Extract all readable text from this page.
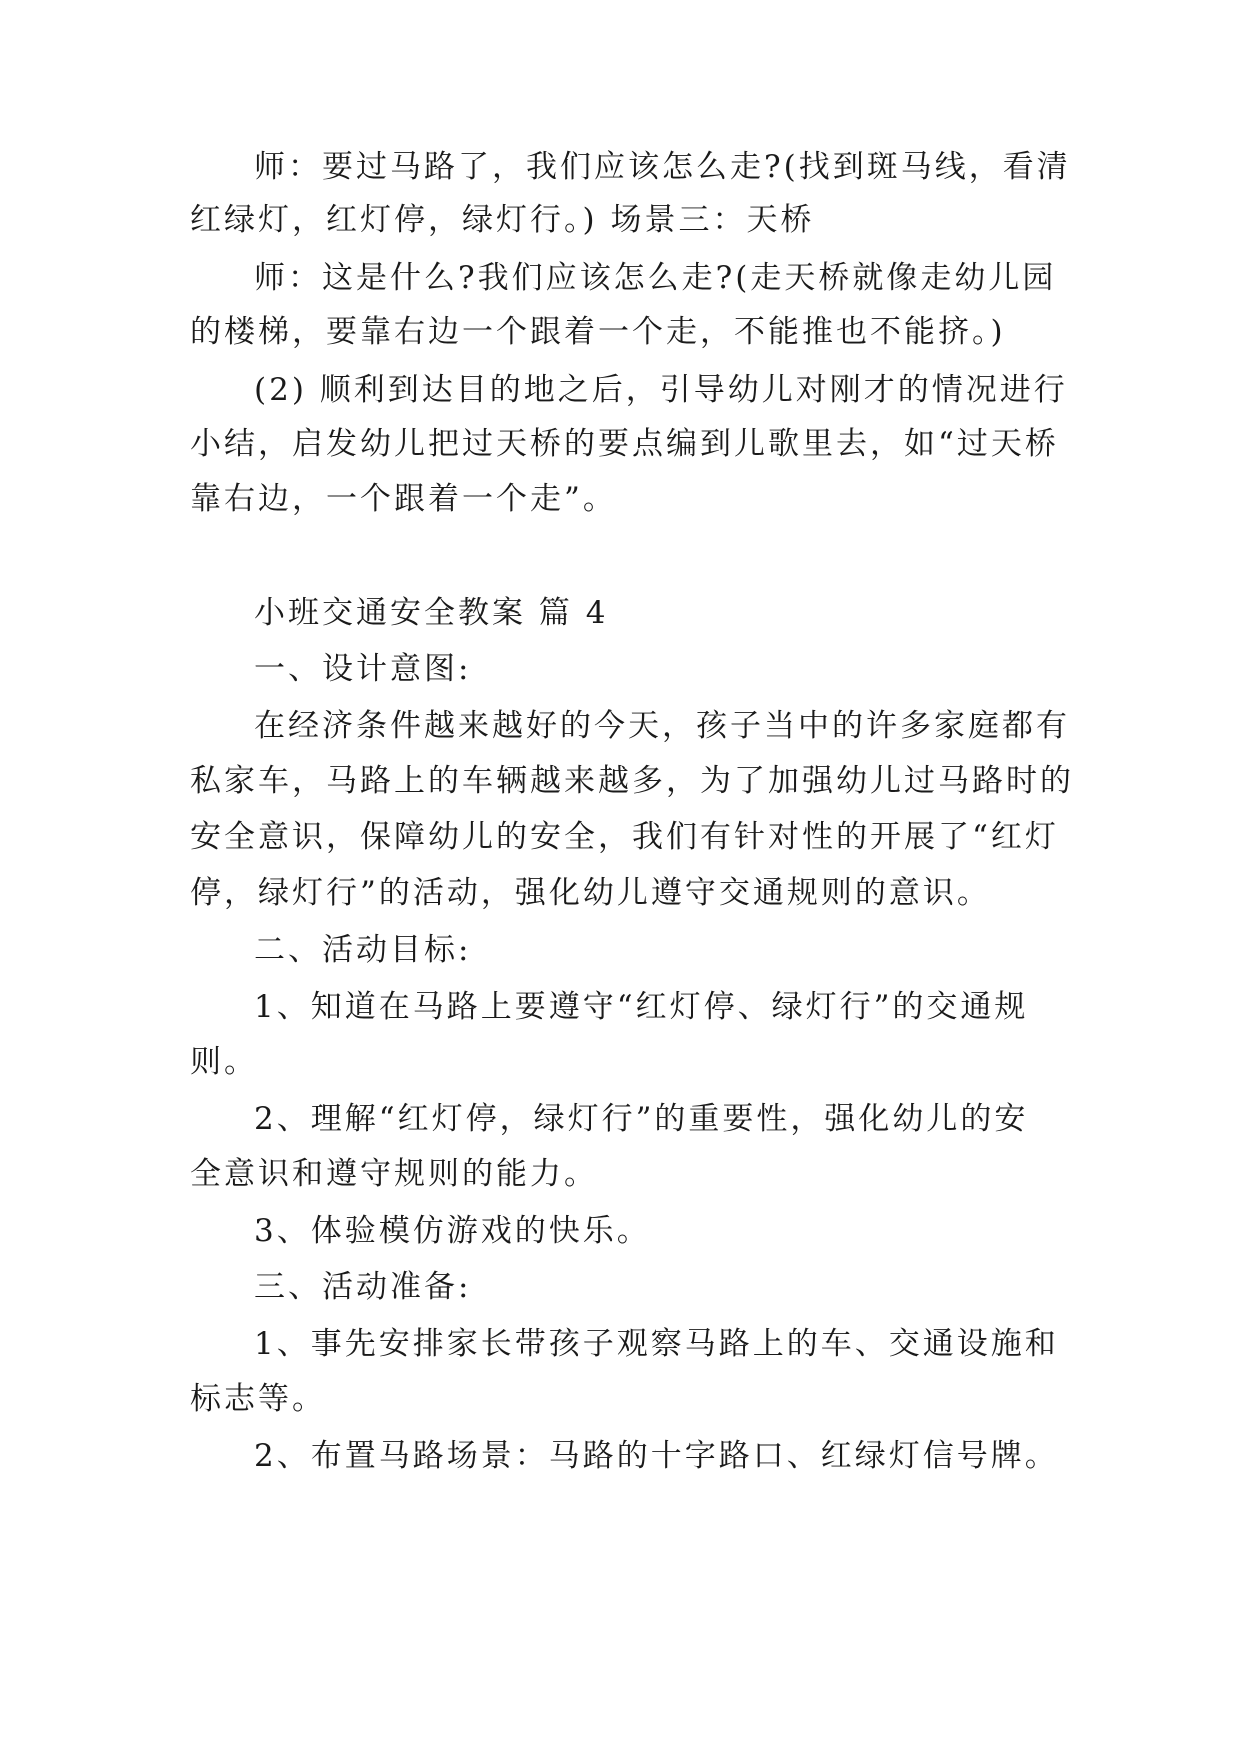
师：要过马路了，我们应该怎么走?(找到斑马线，看清

红绿灯，红灯停，绿灯行。) 场景三：天桥

师：这是什么?我们应该怎么走?(走天桥就像走幼儿园

的楼梯，要靠右边一个跟着一个走，不能推也不能挤。)

(2) 顺利到达目的地之后，引导幼儿对刚才的情况进行

小结，启发幼儿把过天桥的要点编到儿歌里去，如“过天桥

靠右边，一个跟着一个走”。

小班交通安全教案 篇 4

一、设计意图:

在经济条件越来越好的今天，孩子当中的许多家庭都有

私家车，马路上的车辆越来越多，为了加强幼儿过马路时的

安全意识，保障幼儿的安全，我们有针对性的开展了“红灯

停，绿灯行”的活动，强化幼儿遵守交通规则的意识。

二、活动目标:

1、知道在马路上要遵守“红灯停、绿灯行”的交通规

则。

2、理解“红灯停，绿灯行”的重要性，强化幼儿的安

全意识和遵守规则的能力。

3、体验模仿游戏的快乐。

三、活动准备:

1、事先安排家长带孩子观察马路上的车、交通设施和

标志等。

2、布置马路场景：马路的十字路口、红绿灯信号牌。
